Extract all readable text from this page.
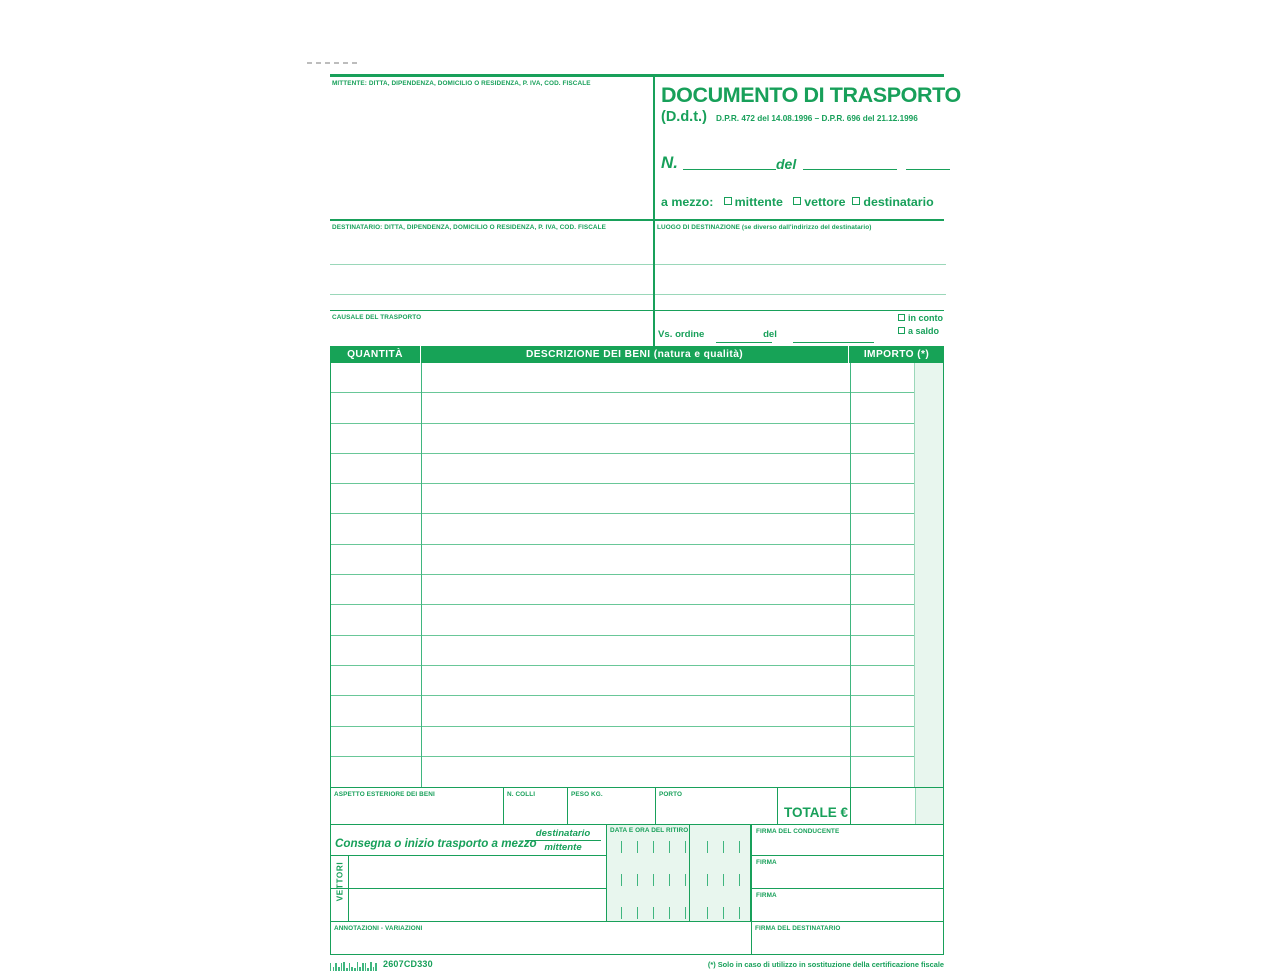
MITTENTE: DITTA, DIPENDENZA, DOMICILIO O RESIDENZA, P. IVA, COD. FISCALE	DOCUMENTO DI TRASPORTO
(D.d.t.) D.P.R. 472 del 14.08.1996 – D.P.R. 696 del 21.12.1996
N.	del
a mezzo: mittente vettore destinatario
DESTINATARIO: DITTA, DIPENDENZA, DOMICILIO O RESIDENZA, P. IVA, COD. FISCALE	LUOGO DI DESTINAZIONE (se diverso dall'indirizzo del destinatario)
CAUSALE DEL TRASPORTO
Vs. ordine	del
in conto
a saldo
QUANTITÀ	DESCRIZIONE DEI BENI (natura e qualità)	IMPORTO (*)
ASPETTO ESTERIORE DEI BENI	N. COLLI	PESO KG.	PORTO
TOTALE €
Consegna o inizio trasporto a mezzo
destinatario
mittente
VETTORI
DATA E ORA DEL RITIRO	FIRMA DEL CONDUCENTE
FIRMA
FIRMA
ANNOTAZIONI - VARIAZIONI	FIRMA DEL DESTINATARIO
2607CD330	(*) Solo in caso di utilizzo in sostituzione della certificazione fiscale
